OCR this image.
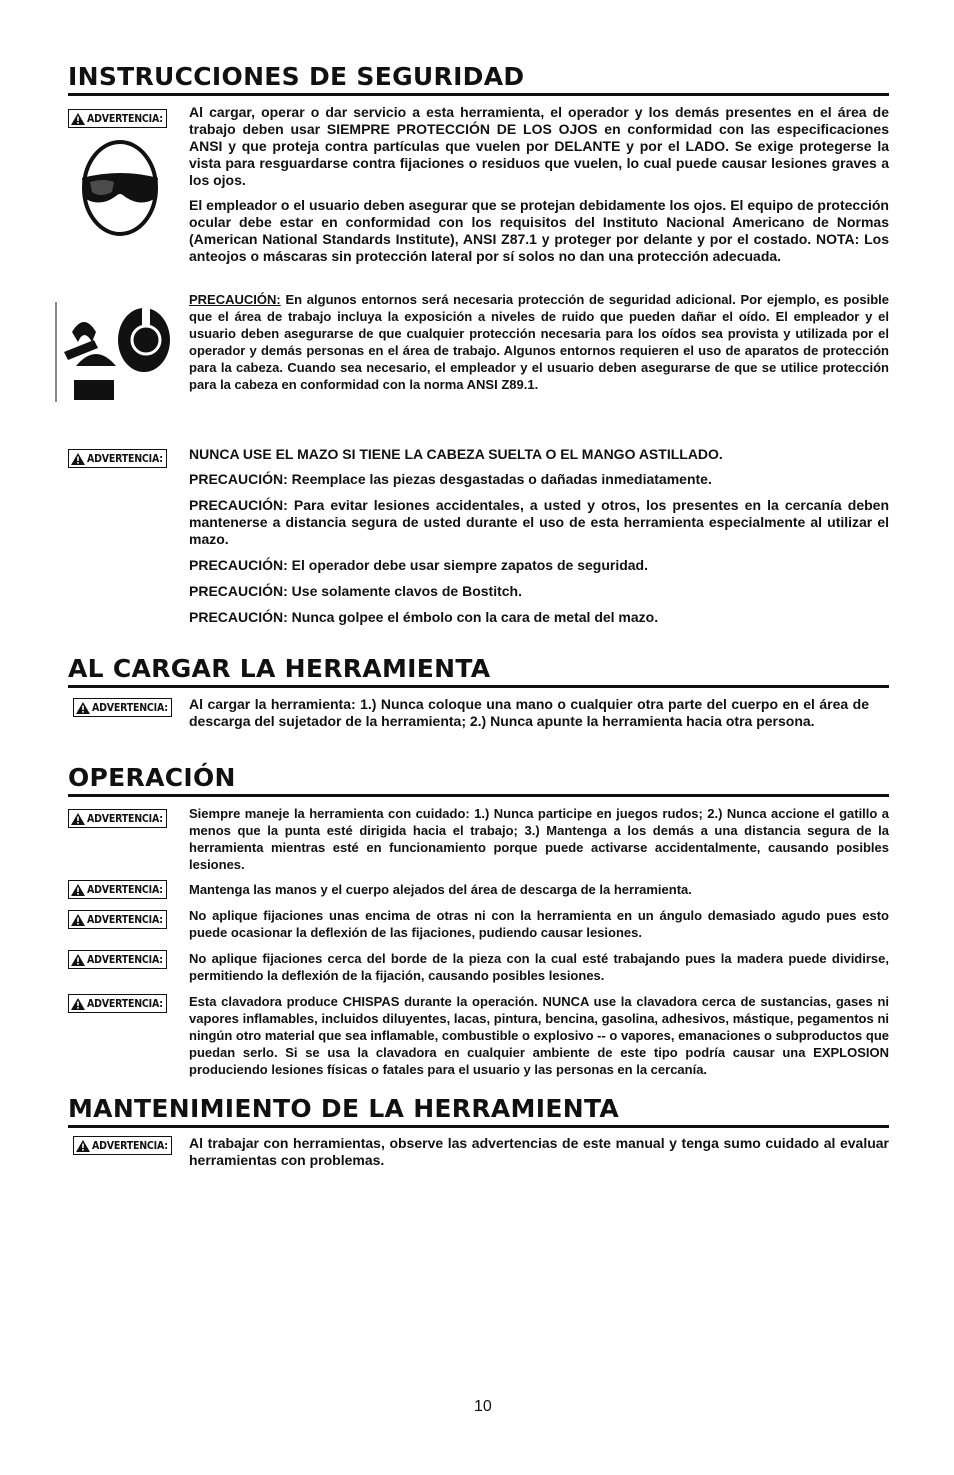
INSTRUCCIONES DE SEGURIDAD
ADVERTENCIA: Al cargar, operar o dar servicio a esta herramienta, el operador y los demás presentes en el área de trabajo deben usar SIEMPRE PROTECCIÓN DE LOS OJOS en conformidad con las especificaciones ANSI y que proteja contra partículas que vuelen por DELANTE y por el LADO. Se exige protegerse la vista para resguardarse contra fijaciones o residuos que vuelen, lo cual puede causar lesiones graves a los ojos.
El empleador o el usuario deben asegurar que se protejan debidamente los ojos. El equipo de protección ocular debe estar en conformidad con los requisitos del Instituto Nacional Americano de Normas (American National Standards Institute), ANSI Z87.1 y proteger por delante y por el costado. NOTA: Los anteojos o máscaras sin protección lateral por sí solos no dan una protección adecuada.
PRECAUCIÓN: En algunos entornos será necesaria protección de seguridad adicional. Por ejemplo, es posible que el área de trabajo incluya la exposición a niveles de ruido que pueden dañar el oído. El empleador y el usuario deben asegurarse de que cualquier protección necesaria para los oídos sea provista y utilizada por el operador y demás personas en el área de trabajo. Algunos entornos requieren el uso de aparatos de protección para la cabeza. Cuando sea necesario, el empleador y el usuario deben asegurarse de que se utilice protección para la cabeza en conformidad con la norma ANSI Z89.1.
ADVERTENCIA: NUNCA USE EL MAZO SI TIENE LA CABEZA SUELTA O EL MANGO ASTILLADO.
PRECAUCIÓN: Reemplace las piezas desgastadas o dañadas inmediatamente.
PRECAUCIÓN: Para evitar lesiones accidentales, a usted y otros, los presentes en la cercanía deben mantenerse a distancia segura de usted durante el uso de esta herramienta especialmente al utilizar el mazo.
PRECAUCIÓN: El operador debe usar siempre zapatos de seguridad.
PRECAUCIÓN: Use solamente clavos de Bostitch.
PRECAUCIÓN: Nunca golpee el émbolo con la cara de metal del mazo.
AL CARGAR LA HERRAMIENTA
ADVERTENCIA: Al cargar la herramienta: 1.) Nunca coloque una mano o cualquier otra parte del cuerpo en el área de descarga del sujetador de la herramienta; 2.) Nunca apunte la herramienta hacia otra persona.
OPERACIÓN
ADVERTENCIA: Siempre maneje la herramienta con cuidado: 1.) Nunca participe en juegos rudos; 2.) Nunca accione el gatillo a menos que la punta esté dirigida hacia el trabajo; 3.) Mantenga a los demás a una distancia segura de la herramienta mientras esté en funcionamiento porque puede activarse accidentalmente, causando posibles lesiones.
ADVERTENCIA: Mantenga las manos y el cuerpo alejados del área de descarga de la herramienta.
ADVERTENCIA: No aplique fijaciones unas encima de otras ni con la herramienta en un ángulo demasiado agudo pues esto puede ocasionar la deflexión de las fijaciones, pudiendo causar lesiones.
ADVERTENCIA: No aplique fijaciones cerca del borde de la pieza con la cual esté trabajando pues la madera puede dividirse, permitiendo la deflexión de la fijación, causando posibles lesiones.
ADVERTENCIA: Esta clavadora produce CHISPAS durante la operación. NUNCA use la clavadora cerca de sustancias, gases ni vapores inflamables, incluidos diluyentes, lacas, pintura, bencina, gasolina, adhesivos, mástique, pegamentos ni ningún otro material que sea inflamable, combustible o explosivo -- o vapores, emanaciones o subproductos que puedan serlo. Si se usa la clavadora en cualquier ambiente de este tipo podría causar una EXPLOSION produciendo lesiones físicas o fatales para el usuario y las personas en la cercanía.
MANTENIMIENTO DE LA HERRAMIENTA
ADVERTENCIA: Al trabajar con herramientas, observe las advertencias de este manual y tenga sumo cuidado al evaluar herramientas con problemas.
10
